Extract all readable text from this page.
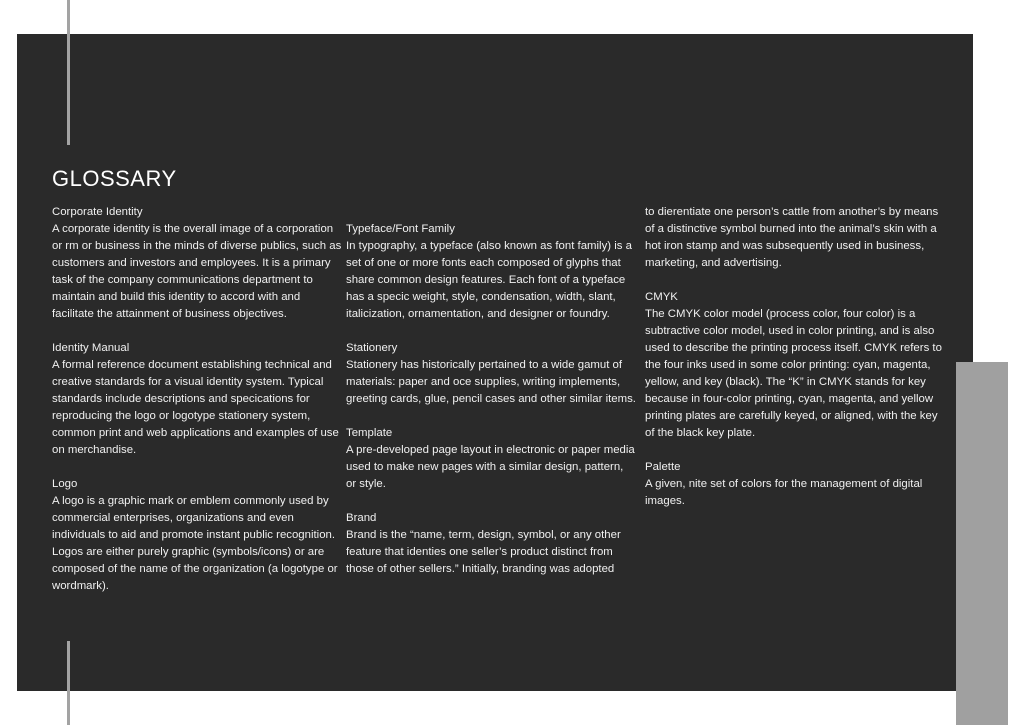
GLOSSARY
Corporate Identity
A corporate identity is the overall image of a corporation or rm or business in the minds of diverse publics, such as customers and investors and employees. It is a primary task of the company communications department to maintain and build this identity to accord with and facilitate the attainment of business objectives.
Identity Manual
A formal reference document establishing technical and creative standards for a visual identity system. Typical standards include descriptions and specications for reproducing the logo or logotype stationery system, common print and web applications and examples of use on merchandise.
Logo
A logo is a graphic mark or emblem commonly used by commercial enterprises, organizations and even individuals to aid and promote instant public recognition. Logos are either purely graphic (symbols/icons) or are composed of the name of the organization (a logotype or wordmark).
Typeface/Font Family
In typography, a typeface (also known as font family) is a set of one or more fonts each composed of glyphs that share common design features. Each font of a typeface has a specic weight, style, condensation, width, slant, italicization, ornamentation, and designer or foundry.
Stationery
Stationery has historically pertained to a wide gamut of materials: paper and oce supplies, writing implements, greeting cards, glue, pencil cases and other similar items.
Template
A pre-developed page layout in electronic or paper media used to make new pages with a similar design, pattern, or style.
Brand
Brand is the “name, term, design, symbol, or any other feature that identies one seller’s product distinct from those of other sellers.” Initially, branding was adopted
to dierentiate one person’s cattle from another’s by means of a distinctive symbol burned into the animal’s skin with a hot iron stamp and was subsequently used in business, marketing, and advertising.
CMYK
The CMYK color model (process color, four color) is a subtractive color model, used in color printing, and is also used to describe the printing process itself. CMYK refers to the four inks used in some color printing: cyan, magenta, yellow, and key (black). The “K” in CMYK stands for key because in four-color printing, cyan, magenta, and yellow printing plates are carefully keyed, or aligned, with the key of the black key plate.
Palette
A given, nite set of colors for the management of digital images.
